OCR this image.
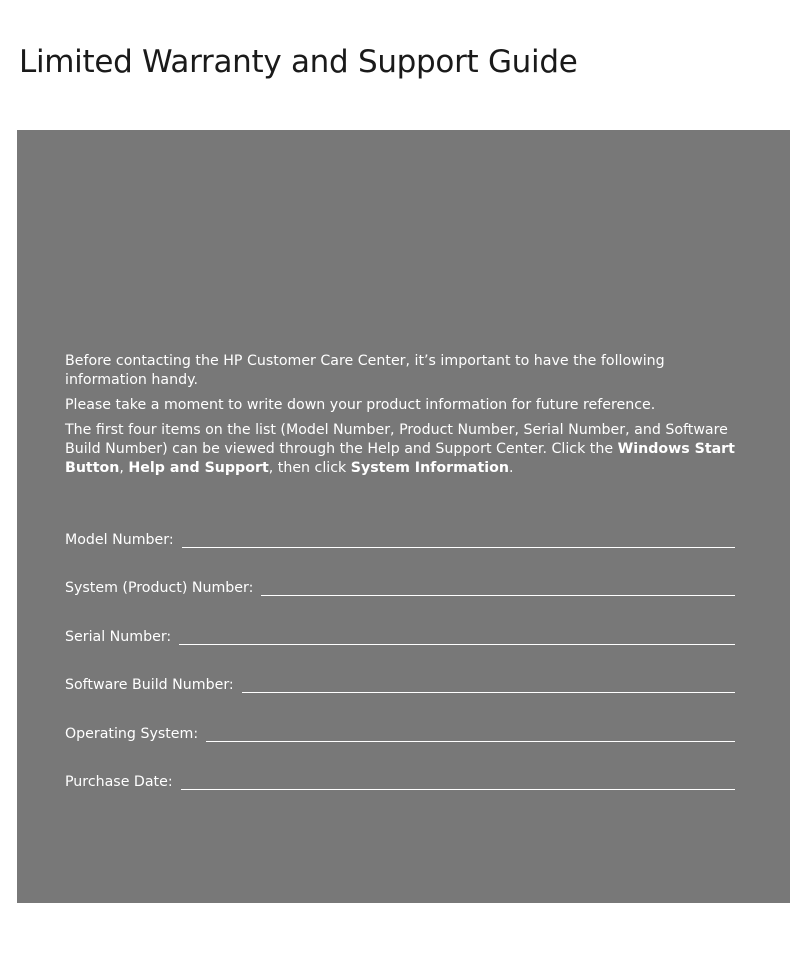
Limited Warranty and Support Guide

Before contacting the HP Customer Care Center, it’s important to have the following information handy.

Please take a moment to write down your product information for future reference.

The first four items on the list (Model Number, Product Number, Serial Number, and Software Build Number) can be viewed through the Help and Support Center. Click the Windows Start Button, Help and Support, then click System Information.

Model Number:
System (Product) Number:
Serial Number:
Software Build Number:
Operating System:
Purchase Date:
